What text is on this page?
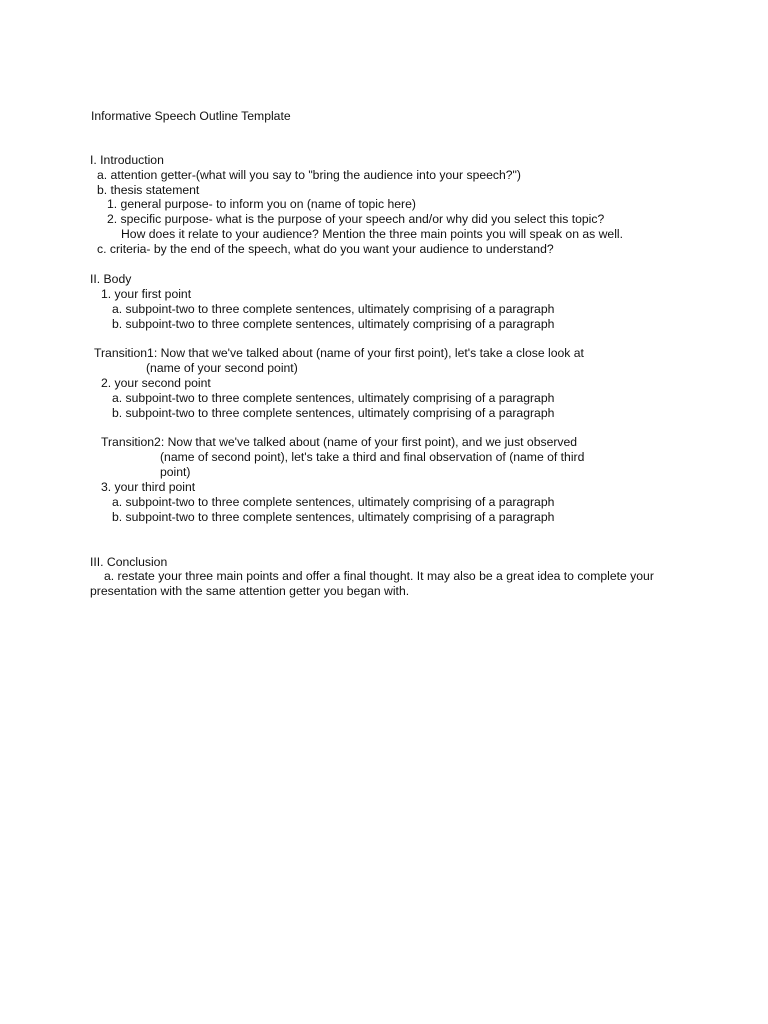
Informative Speech Outline Template
I. Introduction
a. attention getter-(what will you say to "bring the audience into your speech?")
b. thesis statement
1. general purpose- to inform you on (name of topic here)
2. specific purpose- what is the purpose of your speech and/or why did you select this topic?
How does it relate to your audience? Mention the three main points you will speak on as well.
c. criteria- by the end of the speech, what do you want your audience to understand?
II. Body
1. your first point
a. subpoint-two to three complete sentences, ultimately comprising of a paragraph
b. subpoint-two to three complete sentences, ultimately comprising of a paragraph
Transition1: Now that we've talked about (name of your first point), let's take a close look at
(name of your second point)
2. your second point
a. subpoint-two to three complete sentences, ultimately comprising of a paragraph
b. subpoint-two to three complete sentences, ultimately comprising of a paragraph
Transition2: Now that we've talked about (name of your first point), and we just observed
(name of second point), let's take a third and final observation of (name of third
point)
3. your third point
a. subpoint-two to three complete sentences, ultimately comprising of a paragraph
b. subpoint-two to three complete sentences, ultimately comprising of a paragraph
III. Conclusion
a. restate your three main points and offer a final thought. It may also be a great idea to complete your
presentation with the same attention getter you began with.
